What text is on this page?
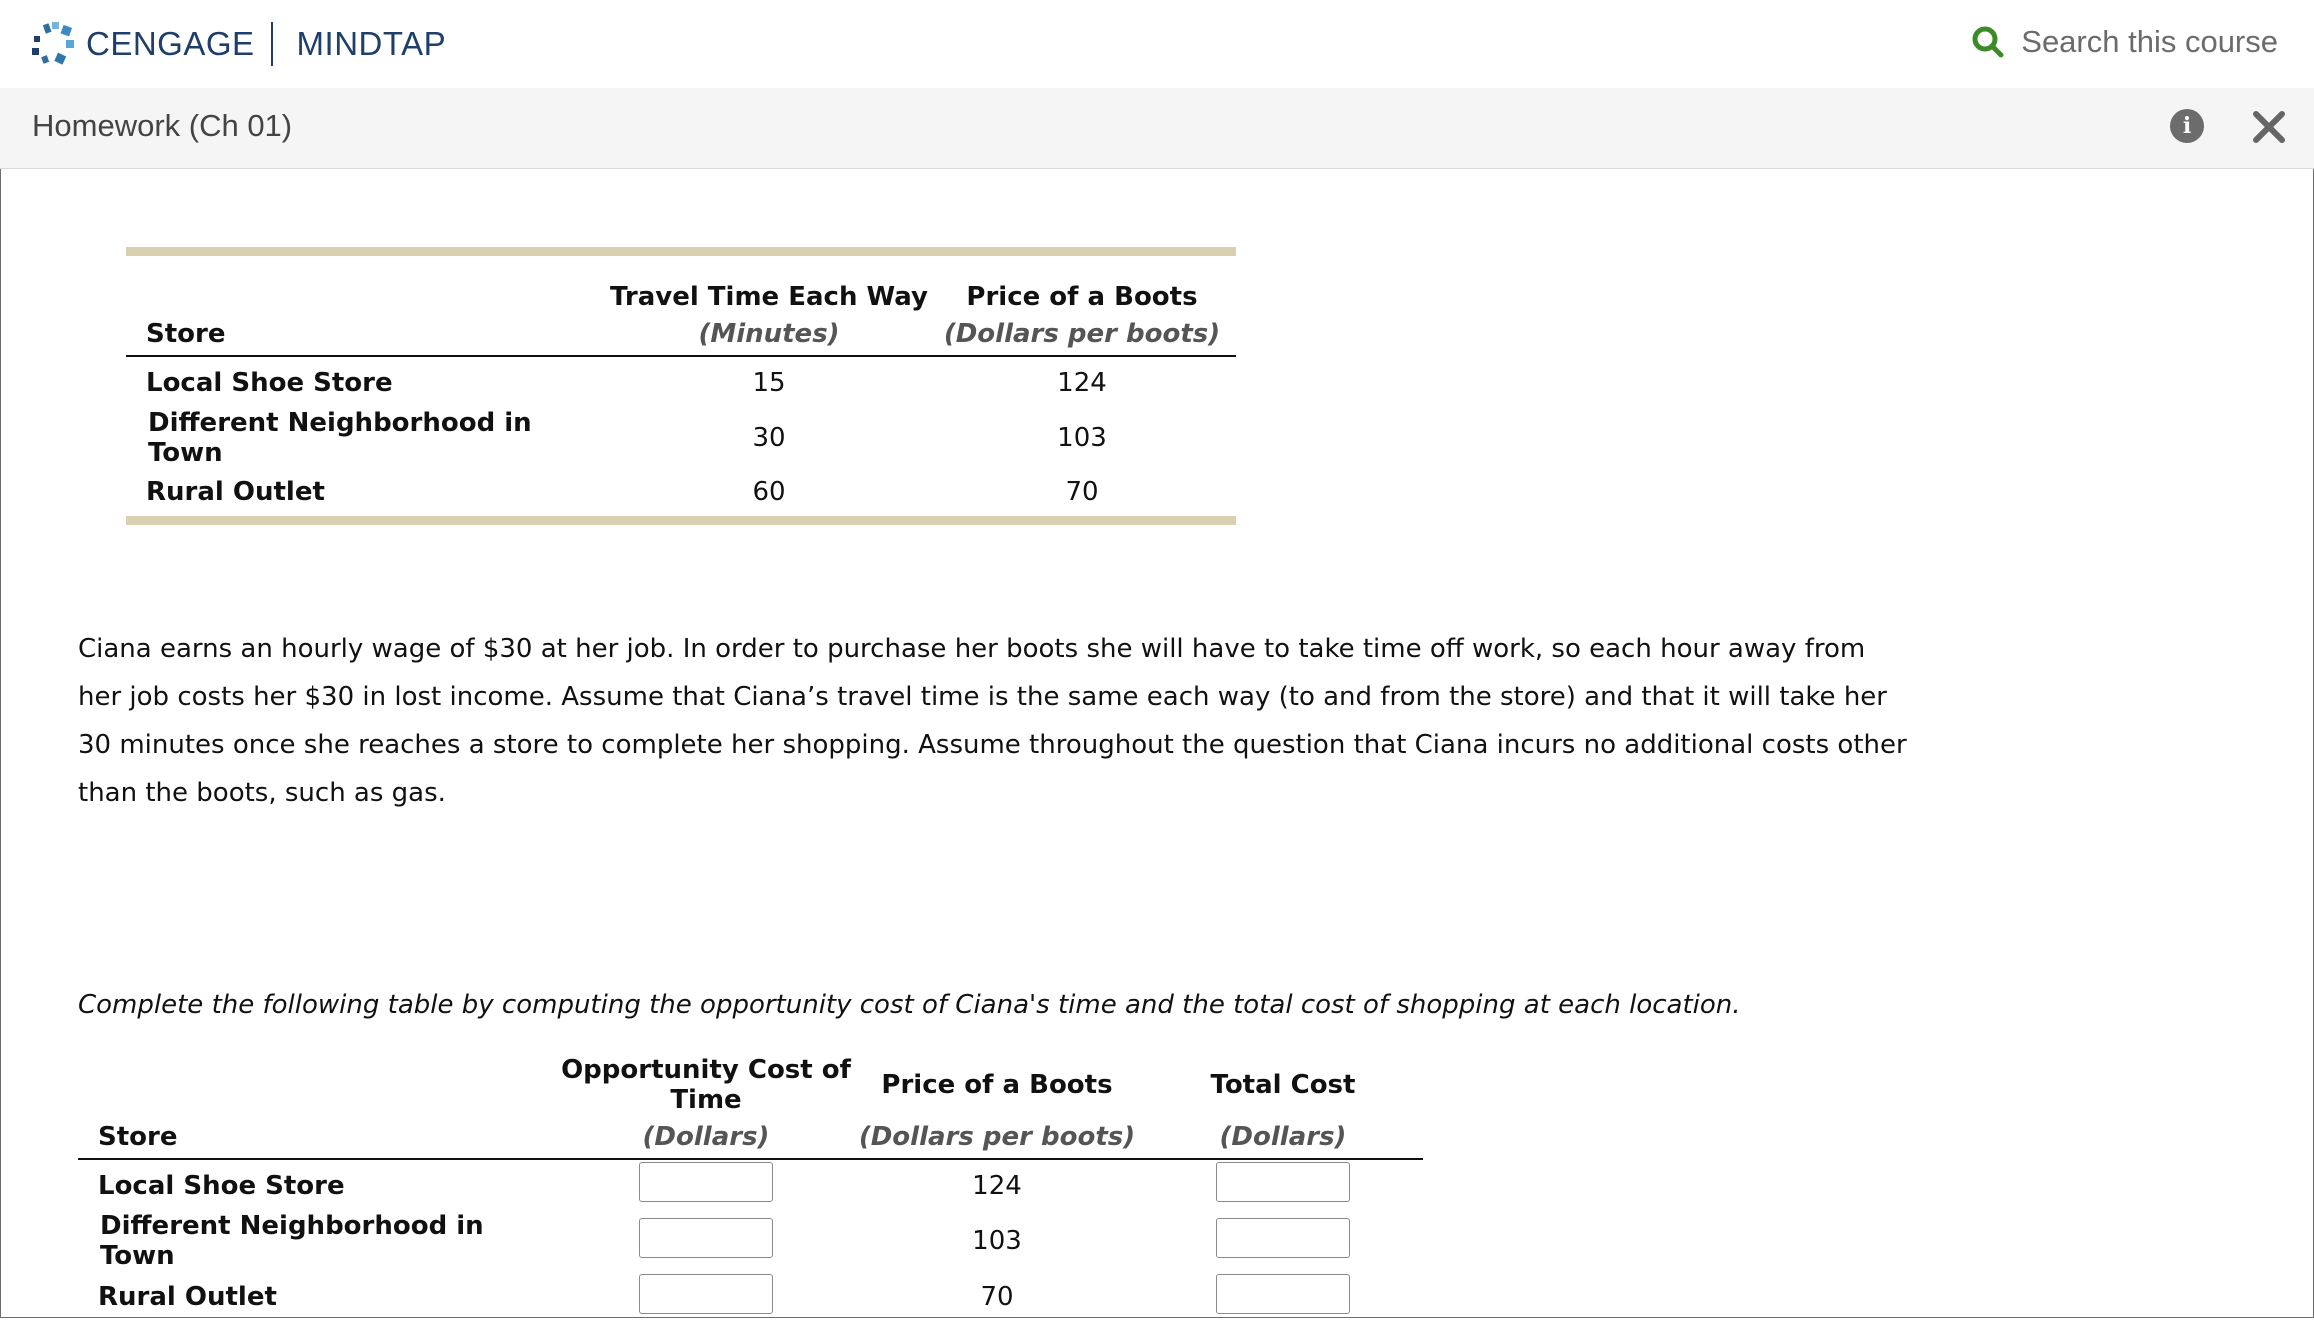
CENGAGE MINDTAP	Search this course
Homework (Ch 01)	i
	Travel Time Each Way	Price of a Boots
Store	(Minutes)	(Dollars per boots)
Local Shoe Store	15	124
Different Neighborhood in Town	30	103
Rural Outlet	60	70
Ciana earns an hourly wage of $30 at her job. In order to purchase her boots she will have to take time off work, so each hour away from her job costs her $30 in lost income. Assume that Ciana’s travel time is the same each way (to and from the store) and that it will take her 30 minutes once she reaches a store to complete her shopping. Assume throughout the question that Ciana incurs no additional costs other than the boots, such as gas.
Complete the following table by computing the opportunity cost of Ciana's time and the total cost of shopping at each location.
	Opportunity Cost of Time	Price of a Boots	Total Cost
Store	(Dollars)	(Dollars per boots)	(Dollars)
Local Shoe Store		124	
Different Neighborhood in Town		103	
Rural Outlet		70	
